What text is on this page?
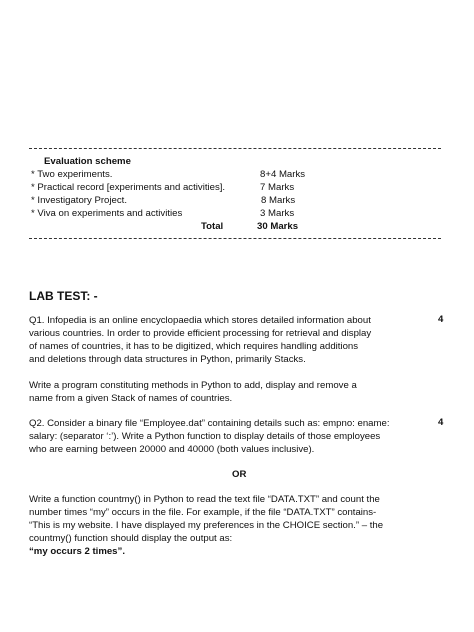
Evaluation scheme
* Two experiments.	8+4 Marks
* Practical record [experiments and activities].	7 Marks
* Investigatory Project.	8 Marks
* Viva on experiments and activities	3 Marks
Total	30 Marks
LAB TEST: -
Q1. Infopedia is an online encyclopaedia which stores detailed information about
various countries. In order to provide efficient processing for retrieval and display
of names of countries, it has to be digitized, which requires handling additions
and deletions through data structures in Python, primarily Stacks.
4
Write a program constituting methods in Python to add, display and remove a
name from a given Stack of names of countries.
Q2. Consider a binary file “Employee.dat” containing details such as: empno: ename:
salary: (separator ‘:’). Write a Python function to display details of those employees
who are earning between 20000 and 40000 (both values inclusive).
4
OR
Write a function countmy() in Python to read the text file “DATA.TXT” and count the
number times “my” occurs in the file. For example, if the file “DATA.TXT” contains-
“This is my website. I have displayed my preferences in the CHOICE section.” – the
countmy() function should display the output as:
“my occurs 2 times”.
